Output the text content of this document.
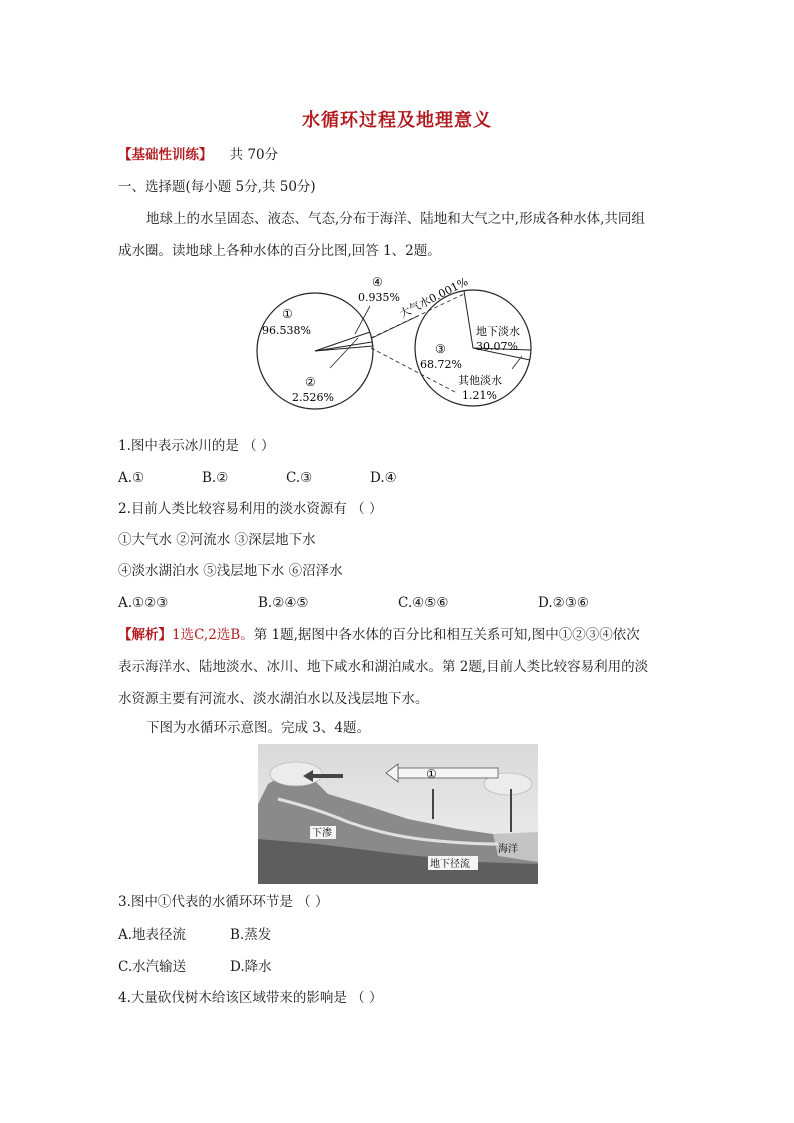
水循环过程及地理意义
【基础性训练】 共 70分
一、选择题(每小题 5分,共 50分)
地球上的水呈固态、液态、气态,分布于海洋、陆地和大气之中,形成各种水体,共同组
成水圈。读地球上各种水体的百分比图,回答 1、2题。
①
96.538%
②
2.526%
④
0.935%
大气水0.001%
③
68.72%
地下淡水
30.07%
其他淡水
1.21%
1.图中表示冰川的是 （ ）
A.①	B.②	C.③	D.④
2.目前人类比较容易利用的淡水资源有 （ ）
①大气水 ②河流水 ③深层地下水
④淡水湖泊水 ⑤浅层地下水 ⑥沼泽水
A.①②③	B.②④⑤	C.④⑤⑥	D.②③⑥
【解析】1选C,2选B。第 1题,据图中各水体的百分比和相互关系可知,图中①②③④依次
表示海洋水、陆地淡水、冰川、地下咸水和湖泊咸水。第 2题,目前人类比较容易利用的淡
水资源主要有河流水、淡水湖泊水以及浅层地下水。
下图为水循环示意图。完成 3、4题。
①
下渗
海洋
地下径流
3.图中①代表的水循环环节是 （ ）
A.地表径流	B.蒸发
C.水汽输送	D.降水
4.大量砍伐树木给该区域带来的影响是 （ ）
